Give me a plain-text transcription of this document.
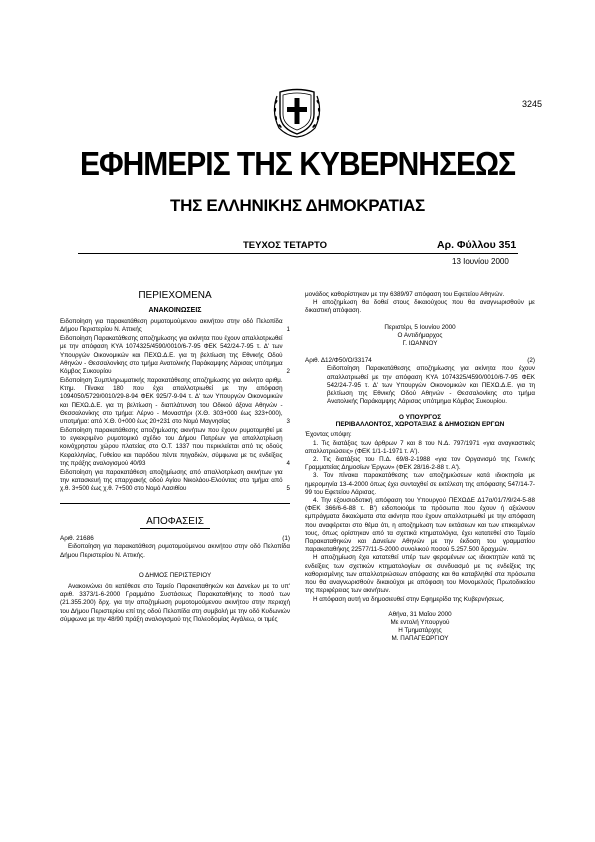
3245
ΕΦΗΜΕΡΙΣ ΤΗΣ ΚΥΒΕΡΝΗΣΕΩΣ
ΤΗΣ ΕΛΛΗΝΙΚΗΣ ΔΗΜΟΚΡΑΤΙΑΣ
ΤΕΥΧΟΣ ΤΕΤΑΡΤΟ	Αρ. Φύλλου 351
13 Ιουνίου 2000
ΠΕΡΙΕΧΟΜΕΝΑ
ΑΝΑΚΟΙΝΩΣΕΙΣ
Ειδοποίηση για παρακατάθεση ρυμοτομούμενου ακινήτου στην οδό Πελοπίδα Δήμου Περιστερίου Ν. Αττικής	1
Ειδοποίηση Παρακατάθεσης αποζημίωσης για ακίνητα που έχουν απαλλοτριωθεί με την απόφαση ΚΥΑ 1074325/4590/0010/6-7-95 ΦΕΚ 542/24-7-95 τ. Δ' των Υπουργών Οικονομικών και ΠΕΧΩ.Δ.Ε. για τη βελτίωση της Εθνικής Οδού Αθηνών - Θεσσαλονίκης στο τμήμα Ανατολικής Παράκαμψης Λάρισας υπότμημα Κόμβος Συκουρίου	2
Ειδοποίηση Συμπληρωματικής παρακατάθεσης αποζημίωσης για ακίνητο αριθμ. Κτημ. Πίνακα 180 που έχει απαλλοτριωθεί με την απόφαση 1094050/5729/0010/29-8-94 ΦΕΚ 925/7-9-94 τ. Δ' των Υπουργών Οικονομικών και ΠΕΧΩ.Δ.Ε. για τη βελτίωση - διαπλάτυνση του Οδικού άξονα Αθηνών - Θεσσαλονίκης στο τμήμα: Λέρνο - Μοναστήρι (Χ.Θ. 303+000 έως 323+000), υποτμήμα: από Χ.Θ. 0+000 έως 20+231 στο Νομό Μαγνησίας	3
Ειδοποίηση παρακατάθεσης αποζημίωσης ακινήτων που έχουν ρυμοτομηθεί με το εγκεκριμένο ρυμοτομικό σχέδιο του Δήμου Πατρέων για απαλλοτρίωση κοινόχρηστου χώρου πλατείας στο Ο.Τ. 1337 που περικλείεται από τις οδούς Κεφαλληνίας, Γυθείου και παρόδου πέντε πηγαδιών, σύμφωνα με τις ενδείξεις της πράξης αναλογισμού 40/93	4
Ειδοποίηση για παρακατάθεση αποζημίωσης από απαλλοτρίωση ακινήτων για την κατασκευή της επαρχιακής οδού Αγίου Νικολάου-Ελούντας στο τμήμα από χ.θ. 3+500 έως χ.θ. 7+500 στο Νομό Λασιθίου	5
ΑΠΟΦΑΣΕΙΣ
Αριθ. 21686	(1)

Ειδοποίηση για παρακατάθεση ρυμοτομούμενου ακινήτου στην οδό Πελοπίδα Δήμου Περιστερίου Ν. Αττικής.

Ο ΔΗΜΟΣ ΠΕΡΙΣΤΕΡΙΟΥ

Ανακοινώνει ότι κατέθεσε στο Ταμείο Παρακαταθηκών και Δανείων με το υπ' αριθ. 3373/1-6-2000 Γραμμάτιο Συστάσεως Παρακαταθήκης το ποσό των (21.355.200) δρχ. για την αποζημίωση ρυμοτομούμενου ακινήτου στην περιοχή του Δήμου Περιστερίου επί της οδού Πελοπίδα στη συμβολή με την οδό Κυδωνιών σύμφωνα με την 48/90 πράξη αναλογισμού της Πολεοδομίας Αιγάλεω, οι τιμές

μονάδος καθορίστηκαν με την 6389/97 απόφαση του Εφετείου Αθηνών.

Η αποζημίωση θα δοθεί στους δικαιούχους που θα αναγνωρισθούν με δικαστική απόφαση.

Περιστέρι, 5 Ιουνίου 2000
Ο Αντιδήμαρχος
Γ. ΙΩΑΝΝΟΥ
Αριθ. Δ12/Φ50/Ο/33174	(2)

Ειδοποίηση Παρακατάθεσης αποζημίωσης για ακίνητα που έχουν απαλλοτριωθεί με την απόφαση ΚΥΑ 1074325/4590/0010/6-7-95 ΦΕΚ 542/24-7-95 τ. Δ' των Υπουργών Οικονομικών και ΠΕΧΩ.Δ.Ε. για τη βελτίωση της Εθνικής Οδού Αθηνών - Θεσσαλονίκης στο τμήμα Ανατολικής Παράκαμψης Λάρισας υπότμημα Κόμβος Συκουρίου.

Ο ΥΠΟΥΡΓΟΣ
ΠΕΡΙΒΑΛΛΟΝΤΟΣ, ΧΩΡΟΤΑΞΙΑΣ & ΔΗΜΟΣΙΩΝ ΕΡΓΩΝ

Έχοντας υπόψη:

1. Τις διατάξεις των άρθρων 7 και 8 του Ν.Δ. 797/1971 «για αναγκαστικές απαλλοτριώσεις» (ΦΕΚ 1/1-1-1971 τ. Α').

2. Τις διατάξεις του Π.Δ. 69/8-2-1988 «για τον Οργανισμό της Γενικής Γραμματείας Δημοσίων Έργων» (ΦΕΚ 28/16-2-88 τ. Α').

3. Τον πίνακα παρακατάθεσης των αποζημιώσεων κατά ιδιοκτησία με ημερομηνία 13-4-2000 όπως έχει συνταχθεί σε εκτέλεση της απόφασης 547/14-7-99 του Εφετείου Λάρισας.

4. Την εξουσιοδοτική απόφαση του Υπουργού ΠΕΧΩΔΕ Δ17α/01/7/9/24-5-88 (ΦΕΚ 366/6-6-88 τ. Β') ειδοποιούμε τα πρόσωπα που έχουν ή αξιώνουν εμπράγματα δικαιώματα στα ακίνητα που έχουν απαλλοτριωθεί με την απόφαση που αναφέρεται στο θέμα ότι, η αποζημίωση των εκτάσεων και των επικειμένων τους, όπως ορίστηκαν από τα σχετικά κτηματολόγια, έχει κατατεθεί στο Ταμείο Παρακαταθηκών και Δανείων Αθηνών με την έκδοση του γραμματίου παρακαταθήκης 22577/11-5-2000 συνολικού ποσού 5.257.500 δραχμών.

Η αποζημίωση έχει κατατεθεί υπέρ των φερομένων ως ιδιοκτητών κατά τις ενδείξεις των σχετικών κτηματολογίων σε συνδυασμό με τις ενδείξεις της καθορισμένης των απαλλοτριώσεων απόφασης και θα καταβληθεί στα πρόσωπα που θα αναγνωρισθούν δικαιούχοι με απόφαση του Μονομελούς Πρωτοδικείου της περιφέρειας των ακινήτων.

Η απόφαση αυτή να δημοσιευθεί στην Εφημερίδα της Κυβερνήσεως.

Αθήνα, 31 Μαΐου 2000
Με εντολή Υπουργού
Η Τμηματάρχης
Μ. ΠΑΠΑΓΕΩΡΓΙΟΥ
